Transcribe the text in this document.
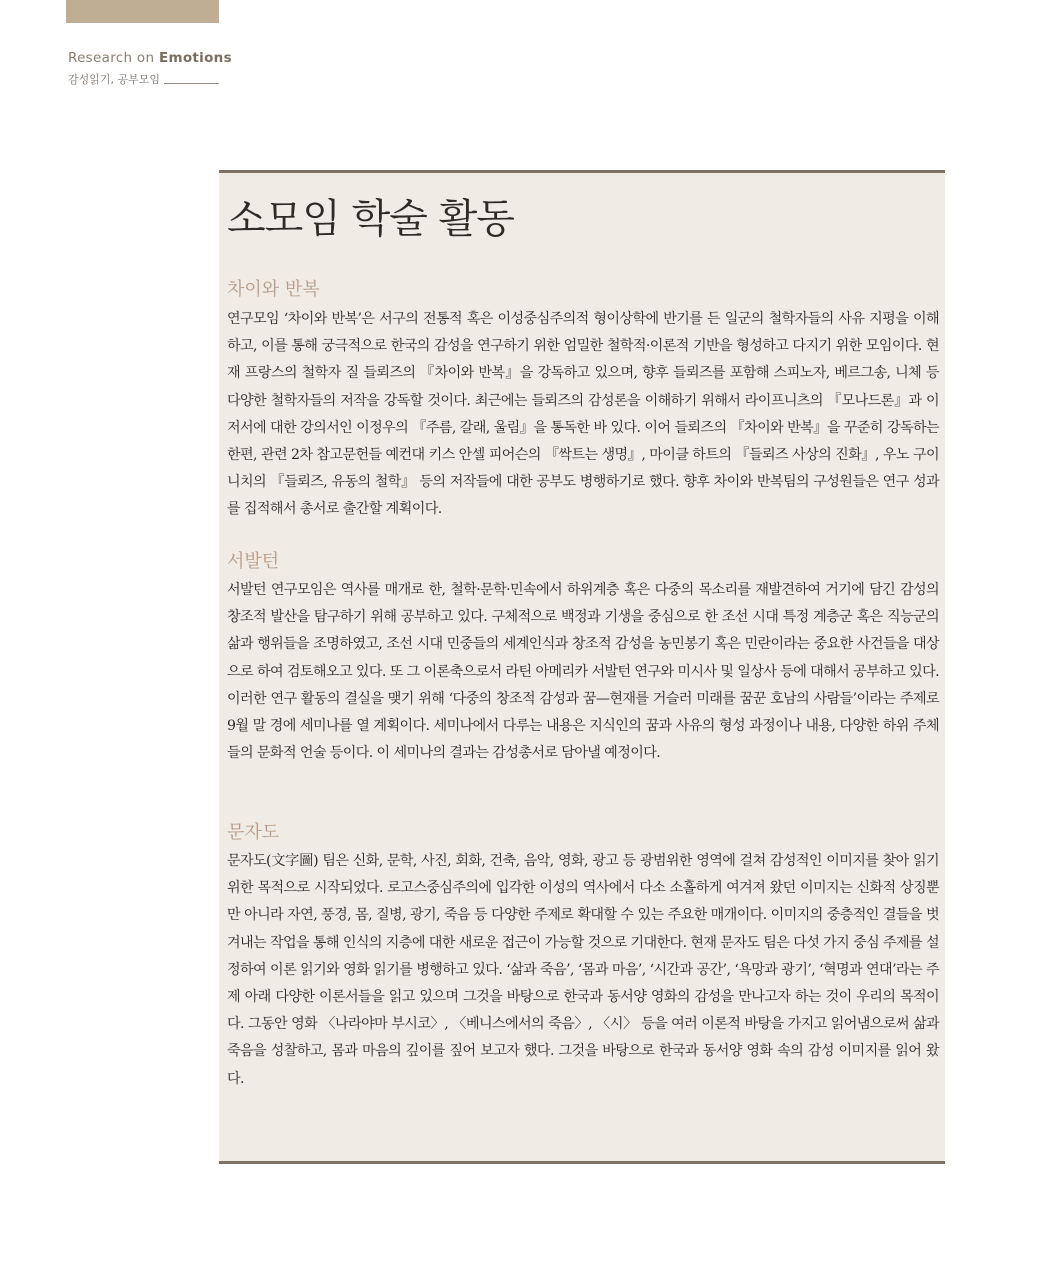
Research on Emotions
감성읽기, 공부모임
소모임 학술 활동
차이와 반복
연구모임 ‘차이와 반복’은 서구의 전통적 혹은 이성중심주의적 형이상학에 반기를 든 일군의 철학자들의 사유 지평을 이해하고, 이를 통해 궁극적으로 한국의 감성을 연구하기 위한 엄밀한 철학적·이론적 기반을 형성하고 다지기 위한 모임이다. 현재 프랑스의 철학자 질 들뢰즈의 『차이와 반복』을 강독하고 있으며, 향후 들뢰즈를 포함해 스피노자, 베르그송, 니체 등 다양한 철학자들의 저작을 강독할 것이다. 최근에는 들뢰즈의 감성론을 이해하기 위해서 라이프니츠의 『모나드론』과 이 저서에 대한 강의서인 이정우의 『주름, 갈래, 울림』을 통독한 바 있다. 이어 들뢰즈의 『차이와 반복』을 꾸준히 강독하는 한편, 관련 2차 참고문헌들 예컨대 키스 안셀 피어슨의 『싹트는 생명』, 마이클 하트의 『들뢰즈 사상의 진화』, 우노 구이니치의 『들뢰즈, 유동의 철학』 등의 저작들에 대한 공부도 병행하기로 했다. 향후 차이와 반복팀의 구성원들은 연구 성과를 집적해서 총서로 출간할 계획이다.
서발턴
서발턴 연구모임은 역사를 매개로 한, 철학·문학·민속에서 하위계층 혹은 다중의 목소리를 재발견하여 거기에 담긴 감성의 창조적 발산을 탐구하기 위해 공부하고 있다. 구체적으로 백정과 기생을 중심으로 한 조선 시대 특정 계층군 혹은 직능군의 삶과 행위들을 조명하였고, 조선 시대 민중들의 세계인식과 창조적 감성을 농민봉기 혹은 민란이라는 중요한 사건들을 대상으로 하여 검토해오고 있다. 또 그 이론축으로서 라틴 아메리카 서발턴 연구와 미시사 및 일상사 등에 대해서 공부하고 있다. 이러한 연구 활동의 결실을 맺기 위해 ‘다중의 창조적 감성과 꿈—현재를 거슬러 미래를 꿈꾼 호남의 사람들’이라는 주제로 9월 말 경에 세미나를 열 계획이다. 세미나에서 다루는 내용은 지식인의 꿈과 사유의 형성 과정이나 내용, 다양한 하위 주체들의 문화적 언술 등이다. 이 세미나의 결과는 감성총서로 담아낼 예정이다.
문자도
문자도(文字圖) 팀은 신화, 문학, 사진, 회화, 건축, 음악, 영화, 광고 등 광범위한 영역에 걸쳐 감성적인 이미지를 찾아 읽기 위한 목적으로 시작되었다. 로고스중심주의에 입각한 이성의 역사에서 다소 소홀하게 여겨져 왔던 이미지는 신화적 상징뿐만 아니라 자연, 풍경, 몸, 질병, 광기, 죽음 등 다양한 주제로 확대할 수 있는 주요한 매개이다. 이미지의 중층적인 결들을 벗겨내는 작업을 통해 인식의 지층에 대한 새로운 접근이 가능할 것으로 기대한다. 현재 문자도 팀은 다섯 가지 중심 주제를 설정하여 이론 읽기와 영화 읽기를 병행하고 있다. ‘삶과 죽음’, ‘몸과 마음’, ‘시간과 공간’, ‘욕망과 광기’, ‘혁명과 연대’라는 주제 아래 다양한 이론서들을 읽고 있으며 그것을 바탕으로 한국과 동서양 영화의 감성을 만나고자 하는 것이 우리의 목적이다. 그동안 영화 〈나라야마 부시코〉, 〈베니스에서의 죽음〉, 〈시〉 등을 여러 이론적 바탕을 가지고 읽어냄으로써 삶과 죽음을 성찰하고, 몸과 마음의 깊이를 짚어 보고자 했다. 그것을 바탕으로 한국과 동서양 영화 속의 감성 이미지를 읽어 왔다.
